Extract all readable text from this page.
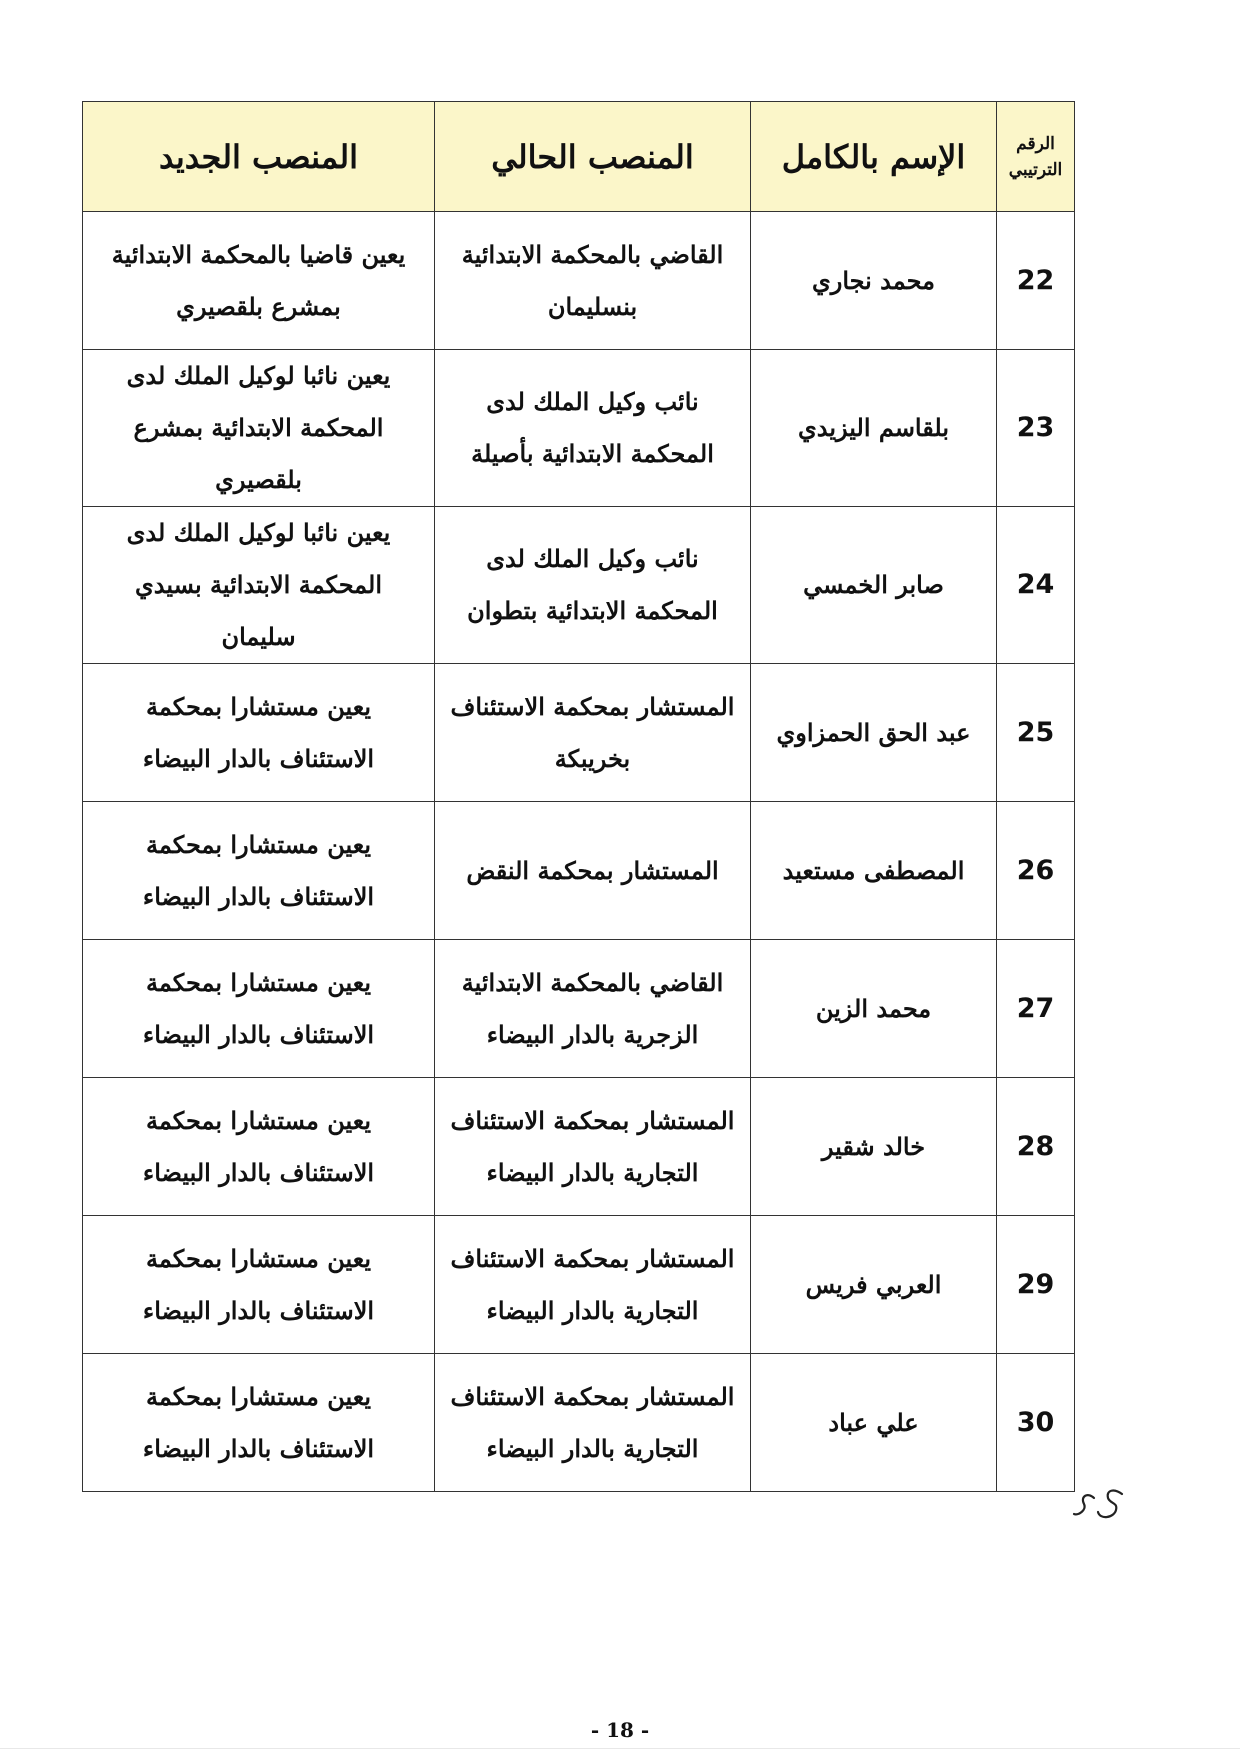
الرقم الترتيبي	الإسم بالكامل	المنصب الحالي	المنصب الجديد
22	محمد نجاري	القاضي بالمحكمة الابتدائية بنسليمان	يعين قاضيا بالمحكمة الابتدائية بمشرع بلقصيري
23	بلقاسم اليزيدي	نائب وكيل الملك لدى المحكمة الابتدائية بأصيلة	يعين نائبا لوكيل الملك لدى المحكمة الابتدائية بمشرع بلقصيري
24	صابر الخمسي	نائب وكيل الملك لدى المحكمة الابتدائية بتطوان	يعين نائبا لوكيل الملك لدى المحكمة الابتدائية بسيدي سليمان
25	عبد الحق الحمزاوي	المستشار بمحكمة الاستئناف بخريبكة	يعين مستشارا بمحكمة الاستئناف بالدار البيضاء
26	المصطفى مستعيد	المستشار بمحكمة النقض	يعين مستشارا بمحكمة الاستئناف بالدار البيضاء
27	محمد الزين	القاضي بالمحكمة الابتدائية الزجرية بالدار البيضاء	يعين مستشارا بمحكمة الاستئناف بالدار البيضاء
28	خالد شقير	المستشار بمحكمة الاستئناف التجارية بالدار البيضاء	يعين مستشارا بمحكمة الاستئناف بالدار البيضاء
29	العربي فريس	المستشار بمحكمة الاستئناف التجارية بالدار البيضاء	يعين مستشارا بمحكمة الاستئناف بالدار البيضاء
30	علي عباد	المستشار بمحكمة الاستئناف التجارية بالدار البيضاء	يعين مستشارا بمحكمة الاستئناف بالدار البيضاء
- 18 -
